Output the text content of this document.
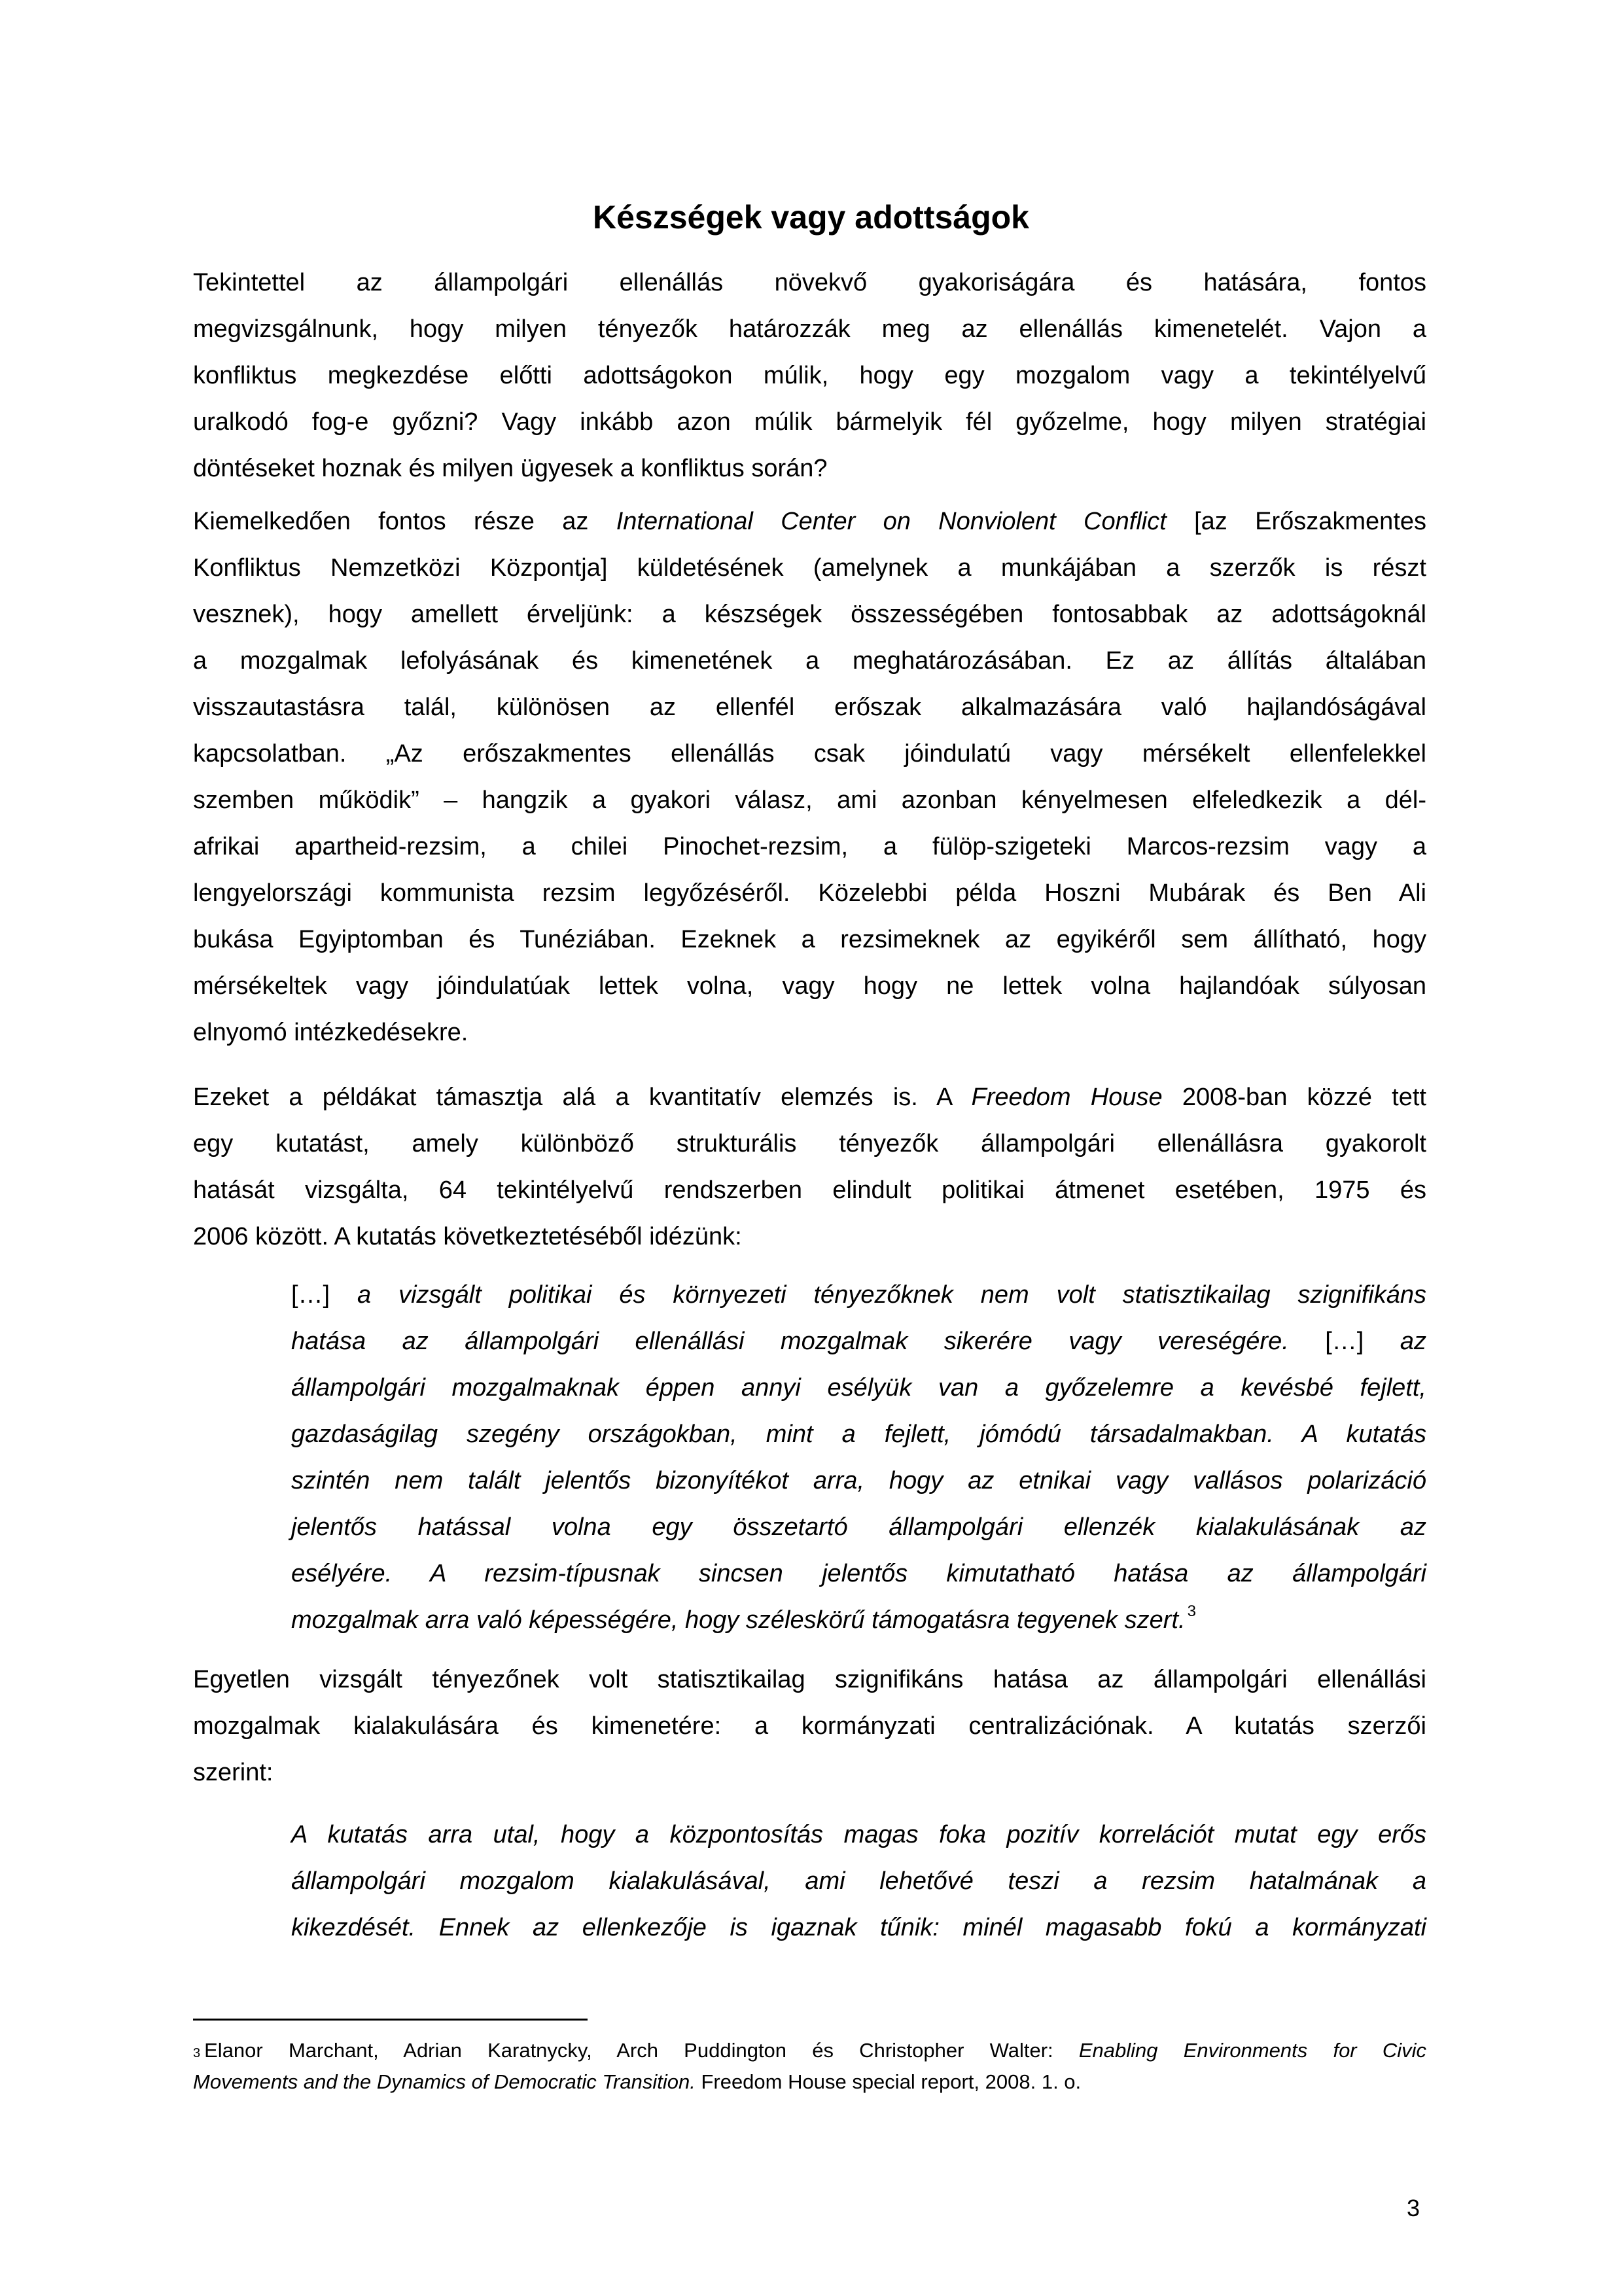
Készségek vagy adottságok
Tekintettel az állampolgári ellenállás növekvő gyakoriságára és hatására, fontos
megvizsgálnunk, hogy milyen tényezők határozzák meg az ellenállás kimenetelét. Vajon a
konfliktus megkezdése előtti adottságokon múlik, hogy egy mozgalom vagy a tekintélyelvű
uralkodó fog-e győzni? Vagy inkább azon múlik bármelyik fél győzelme, hogy milyen stratégiai
döntéseket hoznak és milyen ügyesek a konfliktus során?
Kiemelkedően fontos része az International Center on Nonviolent Conflict [az Erőszakmentes
Konfliktus Nemzetközi Központja] küldetésének (amelynek a munkájában a szerzők is részt
vesznek), hogy amellett érveljünk: a készségek összességében fontosabbak az adottságoknál
a mozgalmak lefolyásának és kimenetének a meghatározásában. Ez az állítás általában
visszautastásra talál, különösen az ellenfél erőszak alkalmazására való hajlandóságával
kapcsolatban. „Az erőszakmentes ellenállás csak jóindulatú vagy mérsékelt ellenfelekkel
szemben működik” – hangzik a gyakori válasz, ami azonban kényelmesen elfeledkezik a dél-
afrikai apartheid-rezsim, a chilei Pinochet-rezsim, a fülöp-szigeteki Marcos-rezsim vagy a
lengyelországi kommunista rezsim legyőzéséről. Közelebbi példa Hoszni Mubárak és Ben Ali
bukása Egyiptomban és Tunéziában. Ezeknek a rezsimeknek az egyikéről sem állítható, hogy
mérsékeltek vagy jóindulatúak lettek volna, vagy hogy ne lettek volna hajlandóak súlyosan
elnyomó intézkedésekre.
Ezeket a példákat támasztja alá a kvantitatív elemzés is. A Freedom House 2008-ban közzé tett
egy kutatást, amely különböző strukturális tényezők állampolgári ellenállásra gyakorolt
hatását vizsgálta, 64 tekintélyelvű rendszerben elindult politikai átmenet esetében, 1975 és
2006 között. A kutatás következtetéséből idézünk:
[…] a vizsgált politikai és környezeti tényezőknek nem volt statisztikailag szignifikáns
hatása az állampolgári ellenállási mozgalmak sikerére vagy vereségére. […] az
állampolgári mozgalmaknak éppen annyi esélyük van a győzelemre a kevésbé fejlett,
gazdaságilag szegény országokban, mint a fejlett, jómódú társadalmakban. A kutatás
szintén nem talált jelentős bizonyítékot arra, hogy az etnikai vagy vallásos polarizáció
jelentős hatással volna egy összetartó állampolgári ellenzék kialakulásának az
esélyére. A rezsim-típusnak sincsen jelentős kimutatható hatása az állampolgári
mozgalmak arra való képességére, hogy széleskörű támogatásra tegyenek szert. $^3$
Egyetlen vizsgált tényezőnek volt statisztikailag szignifikáns hatása az állampolgári ellenállási
mozgalmak kialakulására és kimenetére: a kormányzati centralizációnak. A kutatás szerzői
szerint:
A kutatás arra utal, hogy a központosítás magas foka pozitív korrelációt mutat egy erős
állampolgári mozgalom kialakulásával, ami lehetővé teszi a rezsim hatalmának a
kikezdését. Ennek az ellenkezője is igaznak tűnik: minél magasabb fokú a kormányzati
$^3$ Elanor Marchant, Adrian Karatnycky, Arch Puddington és Christopher Walter: Enabling Environments for Civic
Movements and the Dynamics of Democratic Transition. Freedom House special report, 2008. 1. o.
3
